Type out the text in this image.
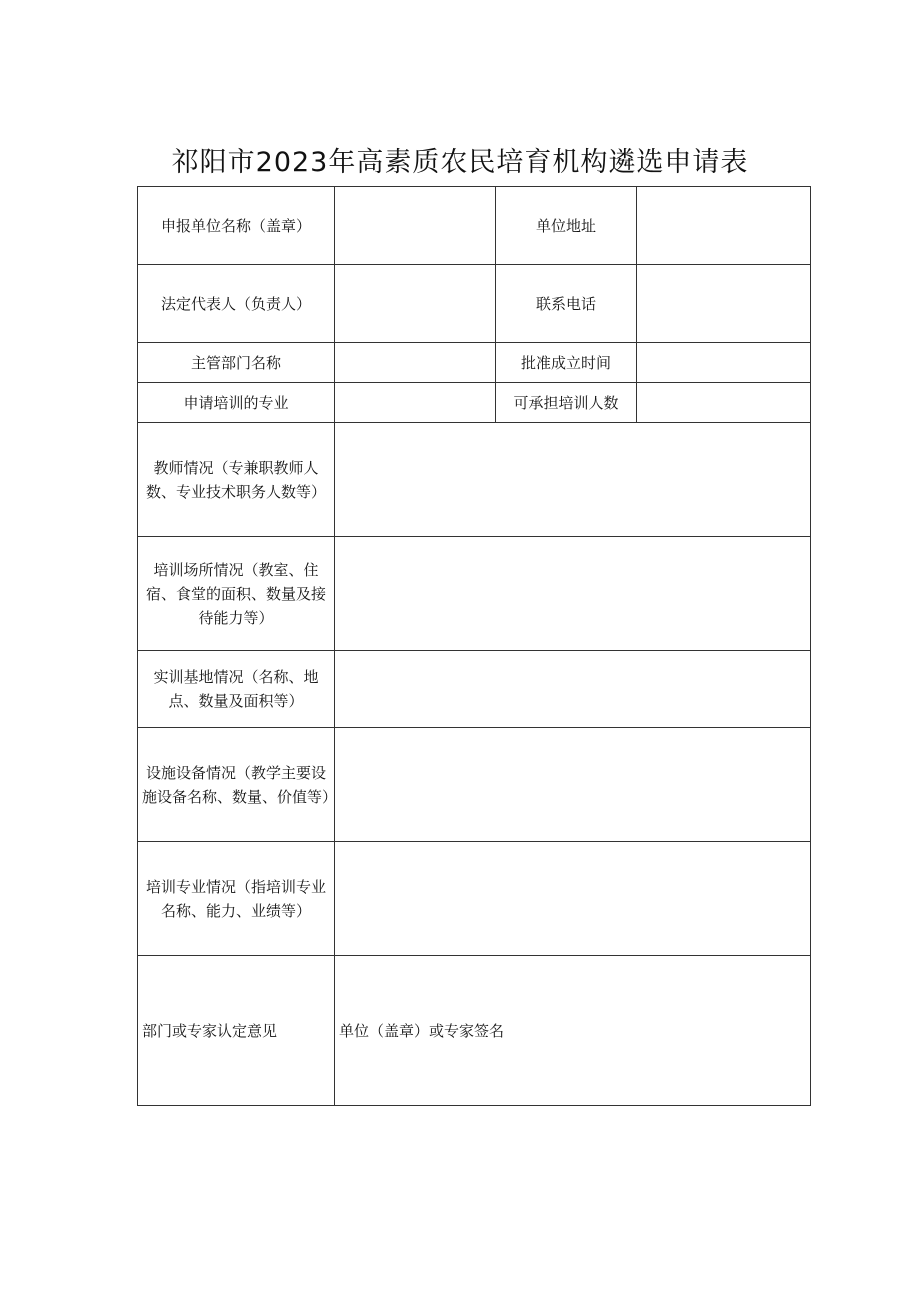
祁阳市2023年高素质农民培育机构遴选申请表
申报单位名称（盖章）		单位地址	
法定代表人（负责人）		联系电话	
主管部门名称		批准成立时间	
申请培训的专业		可承担培训人数	
教师情况（专兼职教师人数、专业技术职务人数等）			
培训场所情况（教室、住宿、食堂的面积、数量及接待能力等）			
实训基地情况（名称、地点、数量及面积等）			
设施设备情况（教学主要设施设备名称、数量、价值等）			
培训专业情况（指培训专业名称、能力、业绩等）			
部门或专家认定意见	单位（盖章）或专家签名		
